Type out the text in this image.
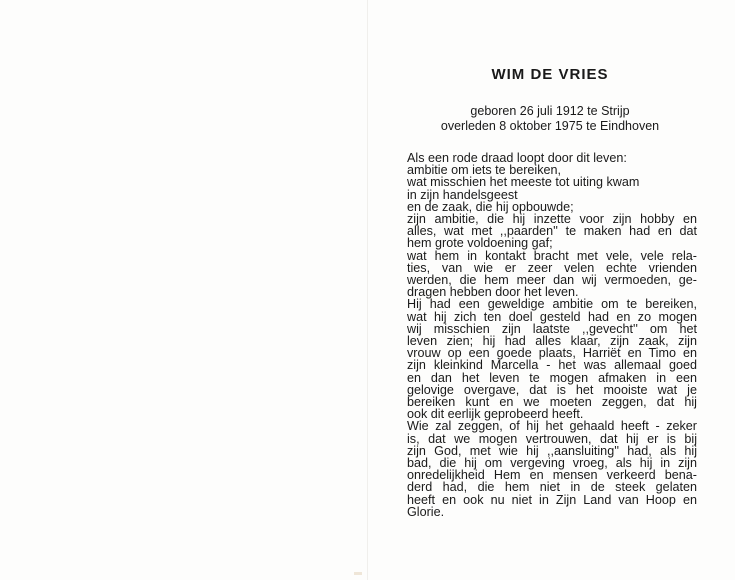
WIM DE VRIES
geboren 26 juli 1912 te Strijp
overleden 8 oktober 1975 te Eindhoven
Als een rode draad loopt door dit leven:
ambitie om iets te bereiken,
wat misschien het meeste tot uiting kwam
in zijn handelsgeest
en de zaak, die hij opbouwde;
zijn ambitie, die hij inzette voor zijn hobby en
alles, wat met ,,paarden'' te maken had en dat
hem grote voldoening gaf;
wat hem in kontakt bracht met vele, vele rela-
ties, van wie er zeer velen echte vrienden
werden, die hem meer dan wij vermoeden, ge-
dragen hebben door het leven.
Hij had een geweldige ambitie om te bereiken,
wat hij zich ten doel gesteld had en zo mogen
wij misschien zijn laatste ,,gevecht'' om het
leven zien; hij had alles klaar, zijn zaak, zijn
vrouw op een goede plaats, Harriët en Timo en
zijn kleinkind Marcella - het was allemaal goed
en dan het leven te mogen afmaken in een
gelovige overgave, dat is het mooiste wat je
bereiken kunt en we moeten zeggen, dat hij
ook dit eerlijk geprobeerd heeft.
Wie zal zeggen, of hij het gehaald heeft - zeker
is, dat we mogen vertrouwen, dat hij er is bij
zijn God, met wie hij ,,aansluiting'' had, als hij
bad, die hij om vergeving vroeg, als hij in zijn
onredelijkheid Hem en mensen verkeerd bena-
derd had, die hem niet in de steek gelaten
heeft en ook nu niet in Zijn Land van Hoop en
Glorie.
